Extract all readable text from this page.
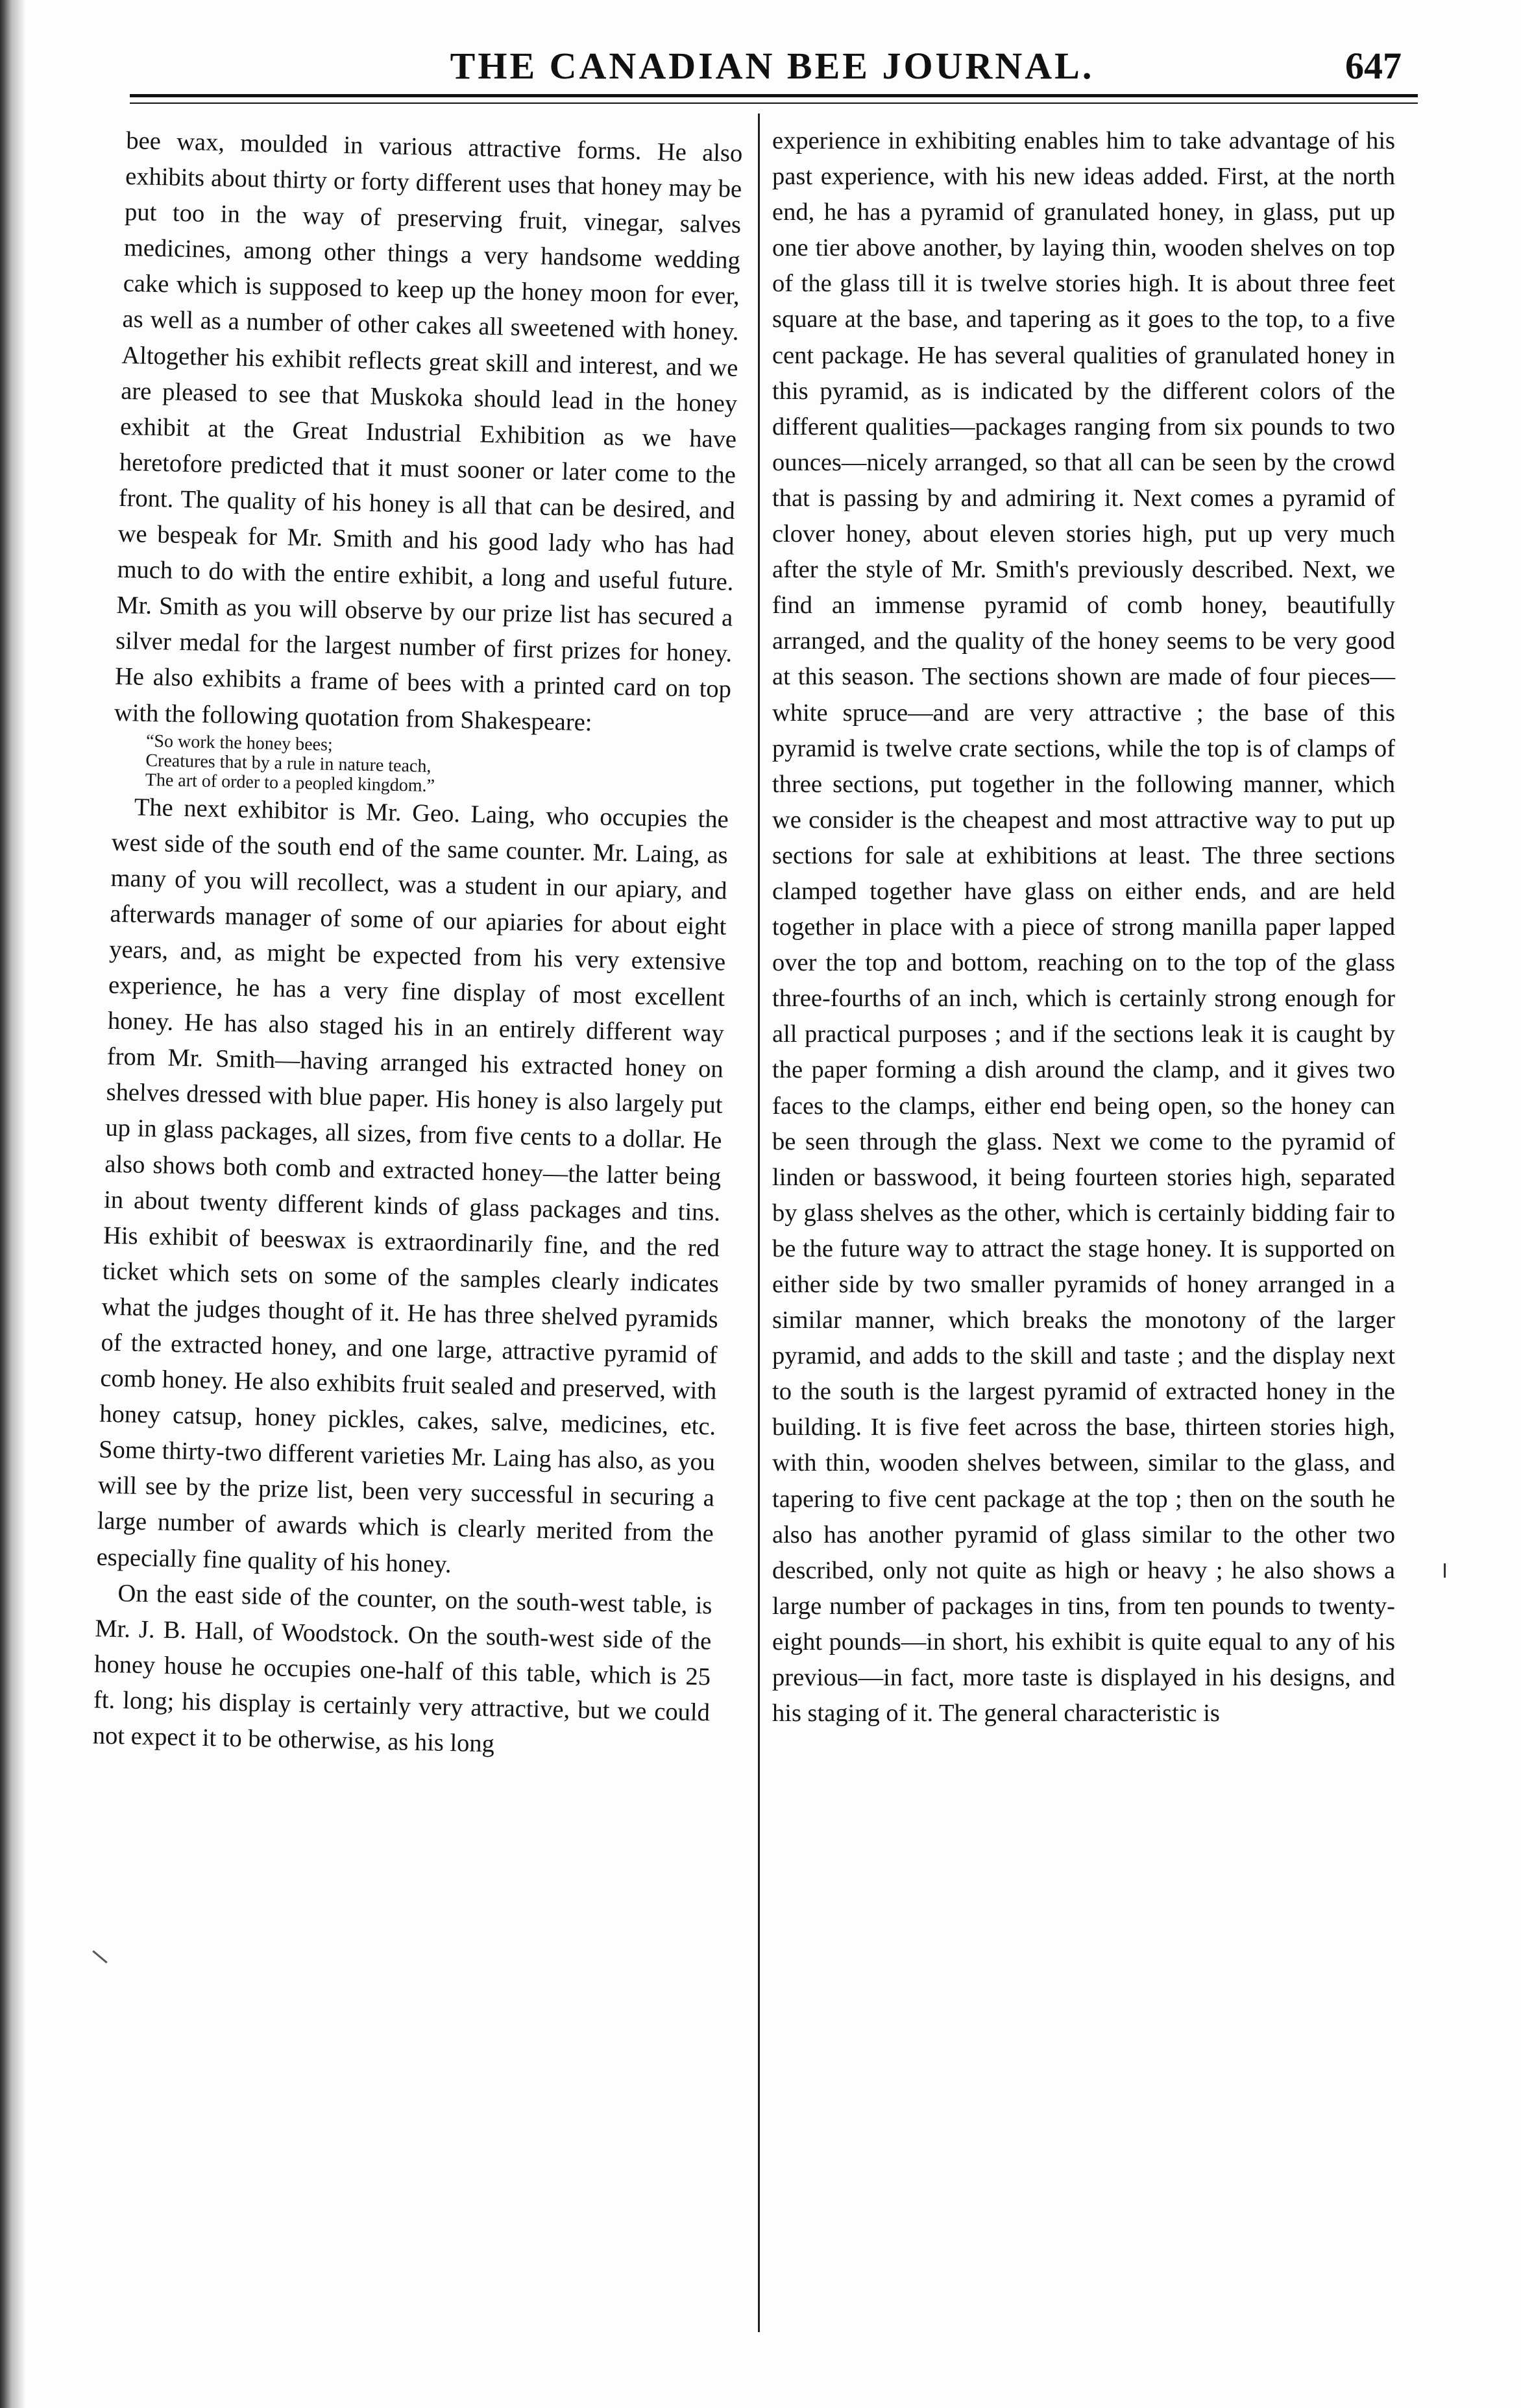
THE CANADIAN BEE JOURNAL.	647

bee wax, moulded in various attractive forms. He also exhibits about thirty or forty different uses that honey may be put too in the way of preserving fruit, vinegar, salves medicines, among other things a very handsome wedding cake which is supposed to keep up the honey moon for ever, as well as a number of other cakes all sweetened with honey. Altogether his exhibit reflects great skill and interest, and we are pleased to see that Muskoka should lead in the honey exhibit at the Great Industrial Exhibition as we have heretofore predicted that it must sooner or later come to the front. The quality of his honey is all that can be desired, and we bespeak for Mr. Smith and his good lady who has had much to do with the entire exhibit, a long and useful future. Mr. Smith as you will observe by our prize list has secured a silver medal for the largest number of first prizes for honey. He also exhibits a frame of bees with a printed card on top with the following quotation from Shakespeare:

“So work the honey bees;
Creatures that by a rule in nature teach,
The art of order to a peopled kingdom.”

The next exhibitor is Mr. Geo. Laing, who occupies the west side of the south end of the same counter. Mr. Laing, as many of you will recollect, was a student in our apiary, and afterwards manager of some of our apiaries for about eight years, and, as might be expected from his very extensive experience, he has a very fine display of most excellent honey. He has also staged his in an entirely different way from Mr. Smith—having arranged his extracted honey on shelves dressed with blue paper. His honey is also largely put up in glass packages, all sizes, from five cents to a dollar. He also shows both comb and extracted honey—the latter being in about twenty different kinds of glass packages and tins. His exhibit of beeswax is extraordinarily fine, and the red ticket which sets on some of the samples clearly indicates what the judges thought of it. He has three shelved pyramids of the extracted honey, and one large, attractive pyramid of comb honey. He also exhibits fruit sealed and preserved, with honey catsup, honey pickles, cakes, salve, medicines, etc. Some thirty-two different varieties Mr. Laing has also, as you will see by the prize list, been very successful in securing a large number of awards which is clearly merited from the especially fine quality of his honey.

On the east side of the counter, on the south-west table, is Mr. J. B. Hall, of Woodstock. On the south-west side of the honey house he occupies one-half of this table, which is 25 ft. long; his display is certainly very attractive, but we could not expect it to be otherwise, as his long

experience in exhibiting enables him to take advantage of his past experience, with his new ideas added. First, at the north end, he has a pyramid of granulated honey, in glass, put up one tier above another, by laying thin, wooden shelves on top of the glass till it is twelve stories high. It is about three feet square at the base, and tapering as it goes to the top, to a five cent package. He has several qualities of granulated honey in this pyramid, as is indicated by the different colors of the different qualities—packages ranging from six pounds to two ounces—nicely arranged, so that all can be seen by the crowd that is passing by and admiring it. Next comes a pyramid of clover honey, about eleven stories high, put up very much after the style of Mr. Smith's previously described. Next, we find an immense pyramid of comb honey, beautifully arranged, and the quality of the honey seems to be very good at this season. The sections shown are made of four pieces—white spruce—and are very attractive ; the base of this pyramid is twelve crate sections, while the top is of clamps of three sections, put together in the following manner, which we consider is the cheapest and most attractive way to put up sections for sale at exhibitions at least. The three sections clamped together have glass on either ends, and are held together in place with a piece of strong manilla paper lapped over the top and bottom, reaching on to the top of the glass three-fourths of an inch, which is certainly strong enough for all practical purposes ; and if the sections leak it is caught by the paper forming a dish around the clamp, and it gives two faces to the clamps, either end being open, so the honey can be seen through the glass. Next we come to the pyramid of linden or basswood, it being fourteen stories high, separated by glass shelves as the other, which is certainly bidding fair to be the future way to attract the stage honey. It is supported on either side by two smaller pyramids of honey arranged in a similar manner, which breaks the monotony of the larger pyramid, and adds to the skill and taste ; and the display next to the south is the largest pyramid of extracted honey in the building. It is five feet across the base, thirteen stories high, with thin, wooden shelves between, similar to the glass, and tapering to five cent package at the top ; then on the south he also has another pyramid of glass similar to the other two described, only not quite as high or heavy ; he also shows a large number of packages in tins, from ten pounds to twenty-eight pounds—in short, his exhibit is quite equal to any of his previous—in fact, more taste is displayed in his designs, and his staging of it. The general characteristic is
